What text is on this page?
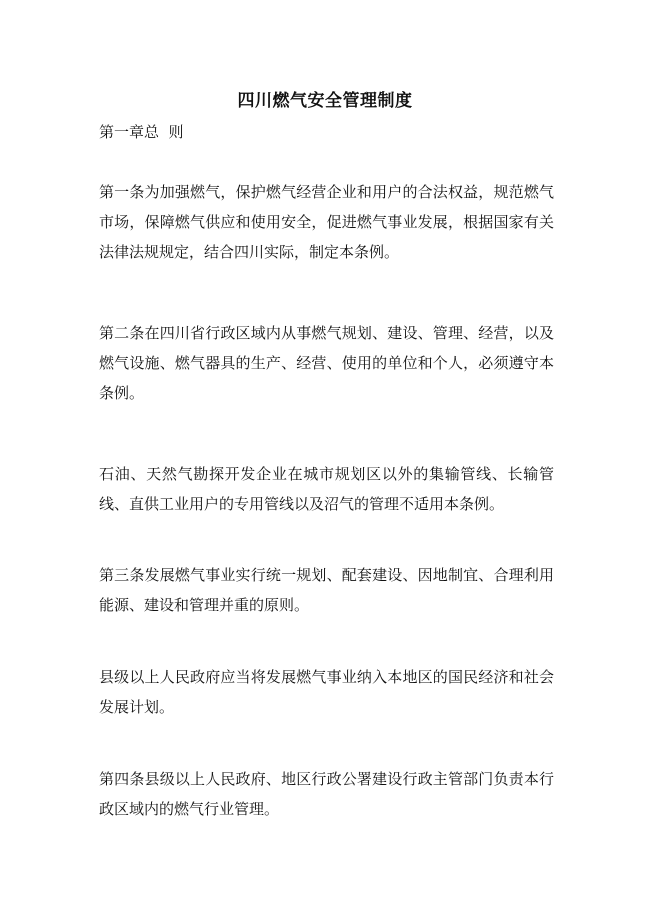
四川燃气安全管理制度
第一章总  则
第一条为加强燃气，保护燃气经营企业和用户的合法权益，规范燃气市场，保障燃气供应和使用安全，促进燃气事业发展，根据国家有关法律法规规定，结合四川实际，制定本条例。
第二条在四川省行政区域内从事燃气规划、建设、管理、经营，以及燃气设施、燃气器具的生产、经营、使用的单位和个人，必须遵守本条例。
石油、天然气勘探开发企业在城市规划区以外的集输管线、长输管线、直供工业用户的专用管线以及沼气的管理不适用本条例。
第三条发展燃气事业实行统一规划、配套建设、因地制宜、合理利用能源、建设和管理并重的原则。
县级以上人民政府应当将发展燃气事业纳入本地区的国民经济和社会发展计划。
第四条县级以上人民政府、地区行政公署建设行政主管部门负责本行政区域内的燃气行业管理。
